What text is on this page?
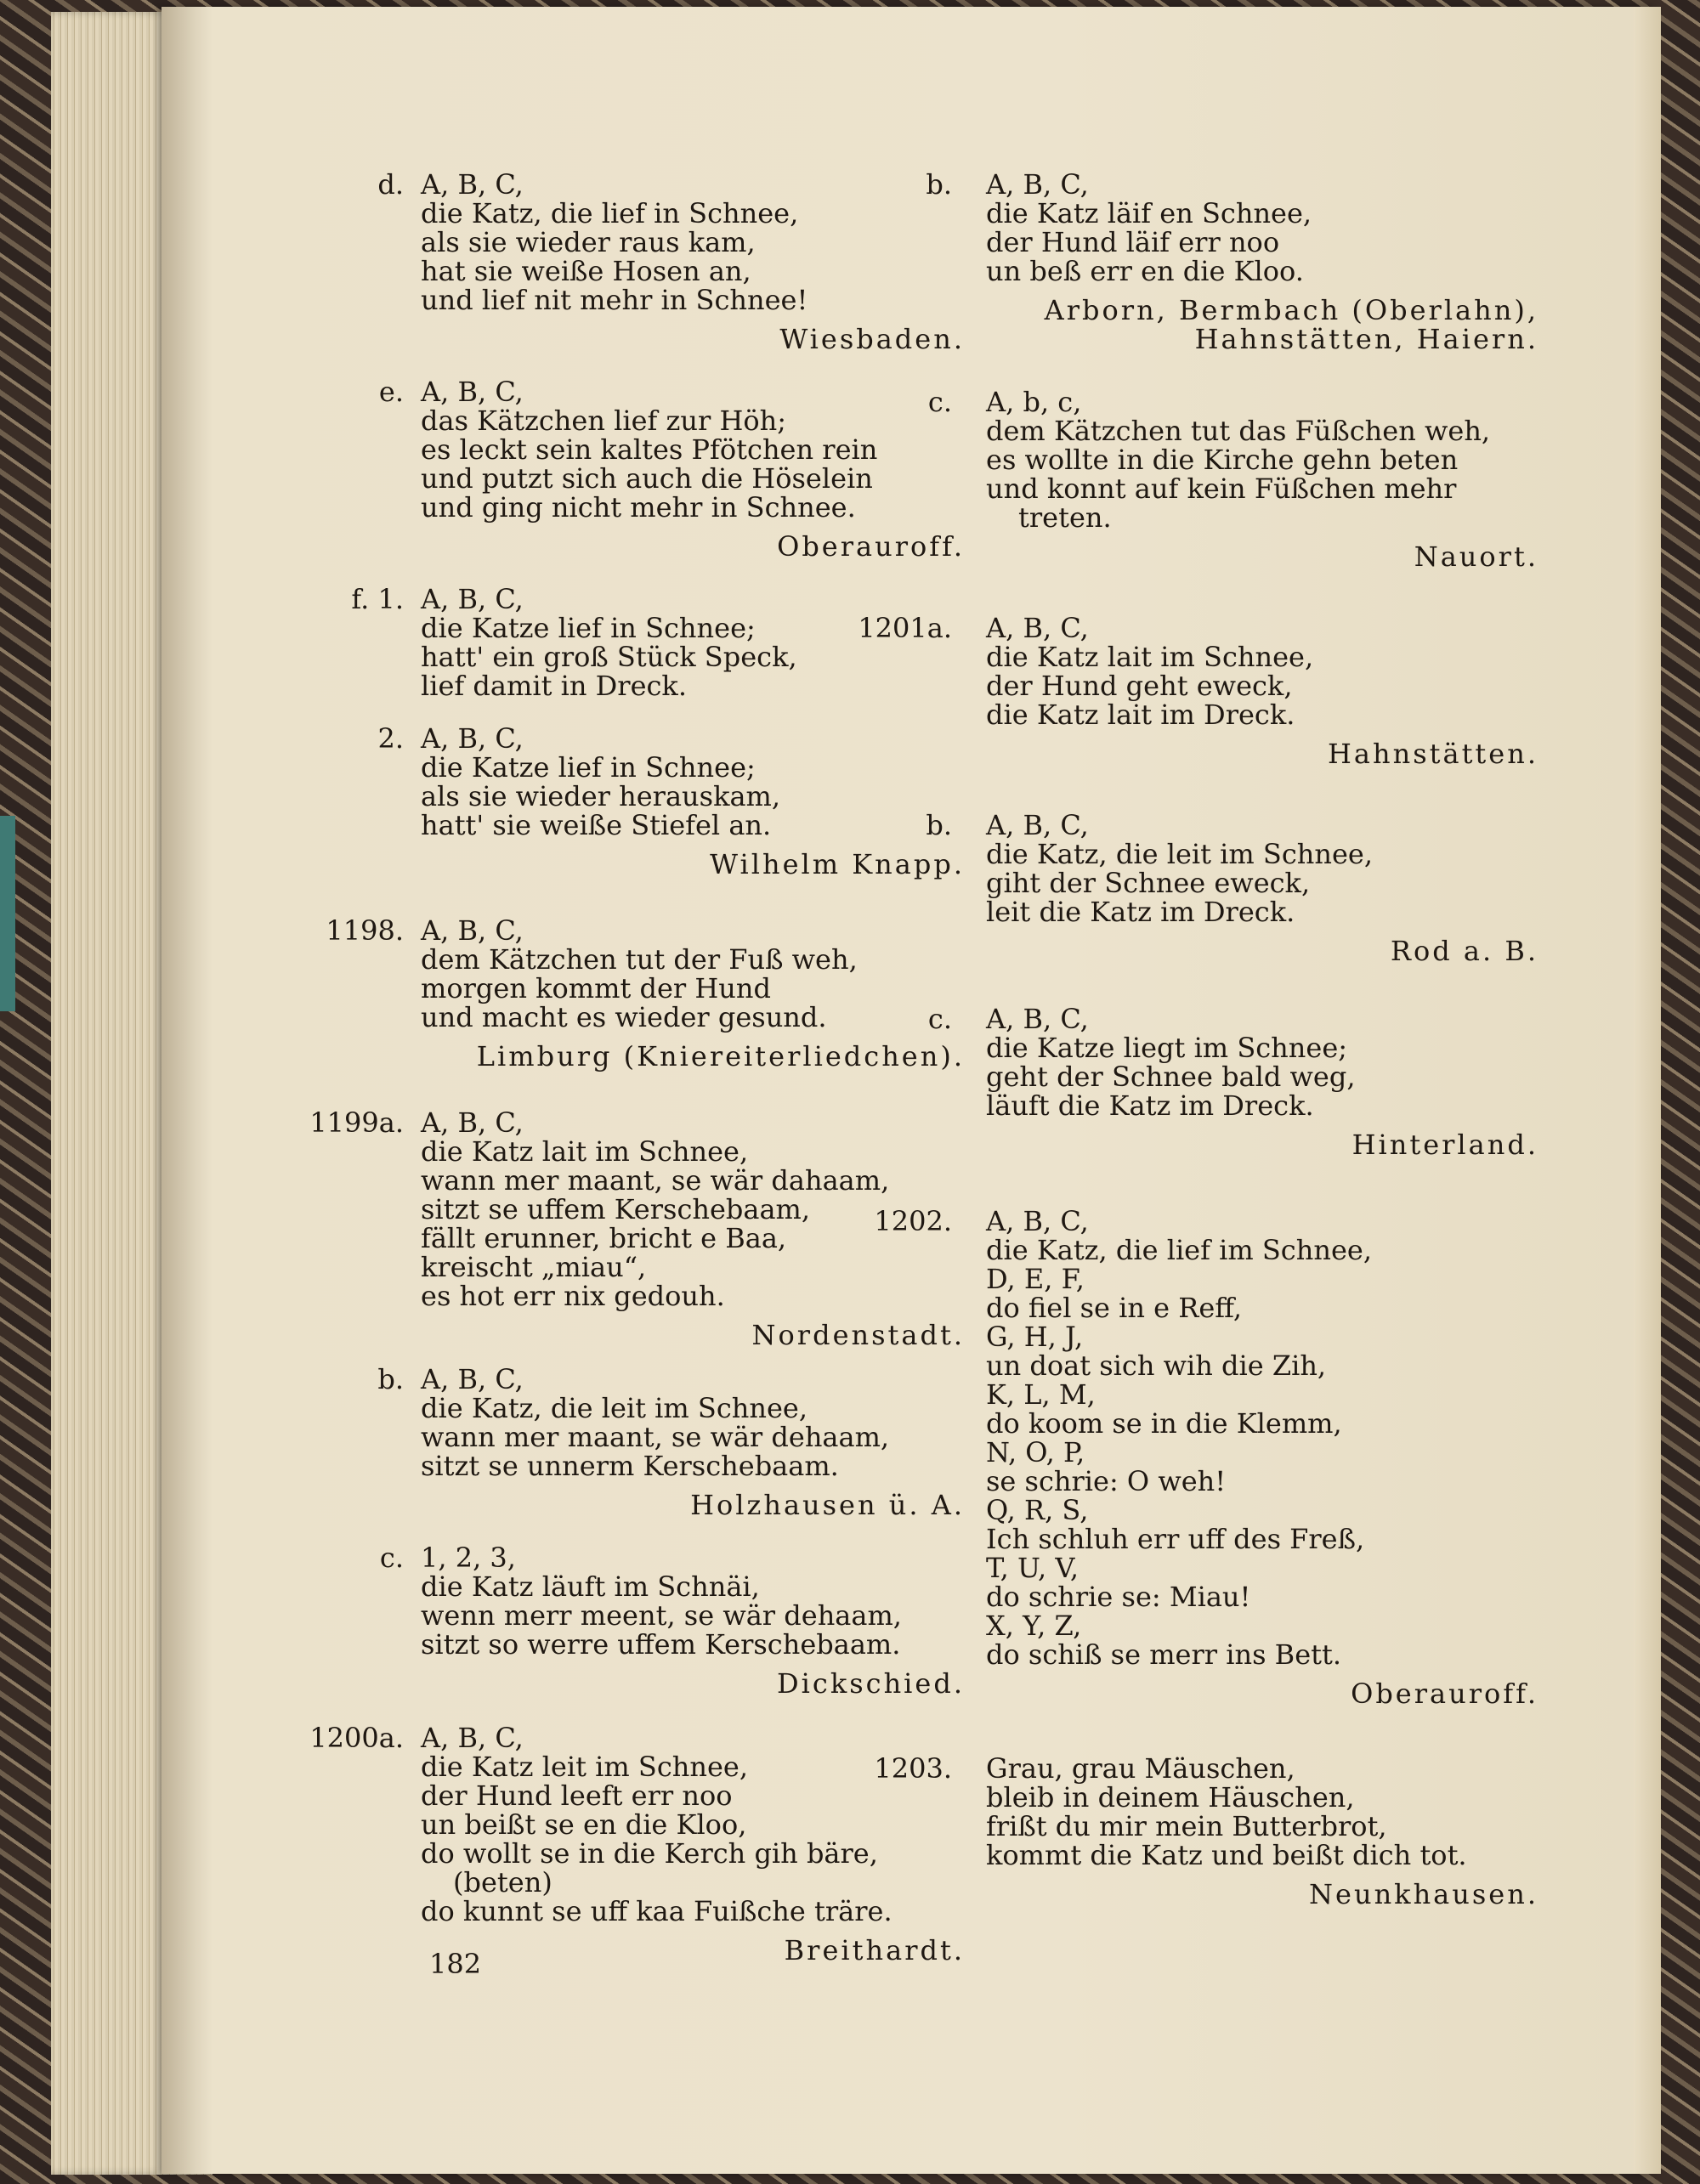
d. A, B, C,
die Katz, die lief in Schnee,
als sie wieder raus kam,
hat sie weiße Hosen an,
und lief nit mehr in Schnee!
Wiesbaden.
e. A, B, C,
das Kätzchen lief zur Höh;
es leckt sein kaltes Pfötchen rein
und putzt sich auch die Höselein
und ging nicht mehr in Schnee.
Oberauroff.
f. 1. A, B, C,
die Katze lief in Schnee;
hatt' ein groß Stück Speck,
lief damit in Dreck.
2. A, B, C,
die Katze lief in Schnee;
als sie wieder herauskam,
hatt' sie weiße Stiefel an.
Wilhelm Knapp.
1198. A, B, C,
dem Kätzchen tut der Fuß weh,
morgen kommt der Hund
und macht es wieder gesund.
Limburg (Kniereiterliedchen).
1199a. A, B, C,
die Katz lait im Schnee,
wann mer maant, se wär dahaam,
sitzt se uffem Kerschebaam,
fällt erunner, bricht e Baa,
kreischt „miau“,
es hot err nix gedouh.
Nordenstadt.
b. A, B, C,
die Katz, die leit im Schnee,
wann mer maant, se wär dehaam,
sitzt se unnerm Kerschebaam.
Holzhausen ü. A.
c. 1, 2, 3,
die Katz läuft im Schnäi,
wenn merr meent, se wär dehaam,
sitzt so werre uffem Kerschebaam.
Dickschied.
1200a. A, B, C,
die Katz leit im Schnee,
der Hund leeft err noo
un beißt se en die Kloo,
do wollt se in die Kerch gih bäre,
(beten)
do kunnt se uff kaa Fuißche träre.
Breithardt.
b. A, B, C,
die Katz läif en Schnee,
der Hund läif err noo
un beß err en die Kloo.
Arborn, Bermbach (Oberlahn), Hahnstätten, Haiern.
c. A, b, c,
dem Kätzchen tut das Füßchen weh,
es wollte in die Kirche gehn beten
und konnt auf kein Füßchen mehr
treten.
Nauort.
1201a. A, B, C,
die Katz lait im Schnee,
der Hund geht eweck,
die Katz lait im Dreck.
Hahnstätten.
b. A, B, C,
die Katz, die leit im Schnee,
giht der Schnee eweck,
leit die Katz im Dreck.
Rod a. B.
c. A, B, C,
die Katze liegt im Schnee;
geht der Schnee bald weg,
läuft die Katz im Dreck.
Hinterland.
1202. A, B, C,
die Katz, die lief im Schnee,
D, E, F,
do fiel se in e Reff,
G, H, J,
un doat sich wih die Zih,
K, L, M,
do koom se in die Klemm,
N, O, P,
se schrie: O weh!
Q, R, S,
Ich schluh err uff des Freß,
T, U, V,
do schrie se: Miau!
X, Y, Z,
do schiß se merr ins Bett.
Oberauroff.
1203. Grau, grau Mäuschen,
bleib in deinem Häuschen,
frißt du mir mein Butterbrot,
kommt die Katz und beißt dich tot.
Neunkhausen.
182
